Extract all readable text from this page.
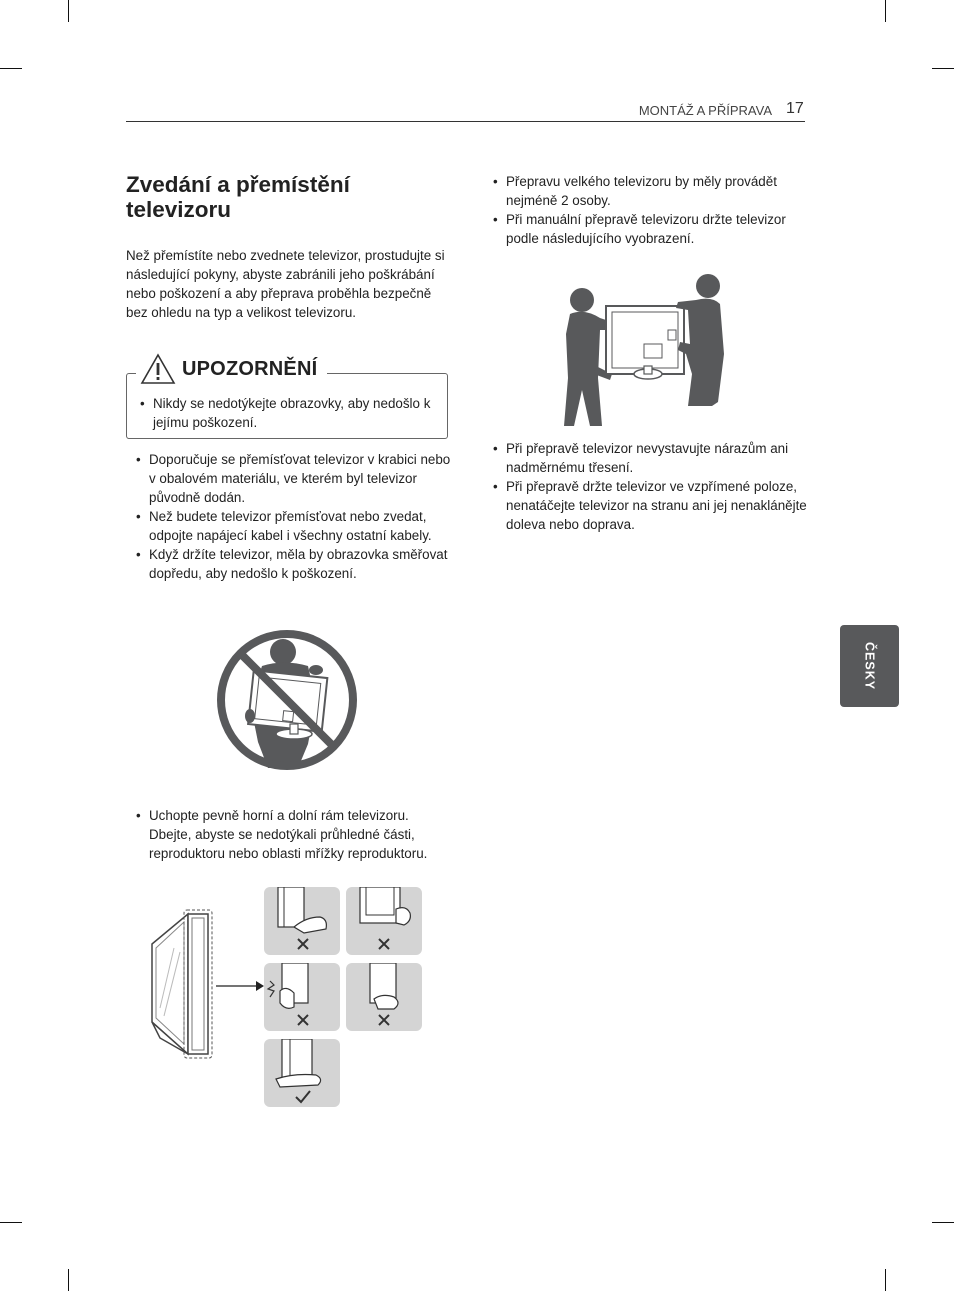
MONTÁŽ A PŘÍPRAVA 17
Zvedání a přemístění televizoru

Než přemístíte nebo zvednete televizor, prostudujte si následující pokyny, abyste zabránili jeho poškrábání nebo poškození a aby přeprava proběhla bezpečně bez ohledu na typ a velikost televizoru.

• Nikdy se nedotýkejte obrazovky, aby nedošlo k jejímu poškození.
UPOZORNĚNÍ
• Doporučuje se přemísťovat televizor v krabici nebo v obalovém materiálu, ve kterém byl televizor původně dodán.
• Než budete televizor přemísťovat nebo zvedat, odpojte napájecí kabel i všechny ostatní kabely.
• Když držíte televizor, měla by obrazovka směřovat dopředu, aby nedošlo k poškození.
• Uchopte pevně horní a dolní rám televizoru. Dbejte, abyste se nedotýkali průhledné části, reproduktoru nebo oblasti mřížky reproduktoru.
• Přepravu velkého televizoru by měly provádět nejméně 2 osoby.
• Při manuální přepravě televizoru držte televizor podle následujícího vyobrazení.
• Při přepravě televizor nevystavujte nárazům ani nadměrnému třesení.
• Při přepravě držte televizor ve vzpřímené poloze, nenatáčejte televizor na stranu ani jej nenaklánějte doleva nebo doprava.
ČESKY
